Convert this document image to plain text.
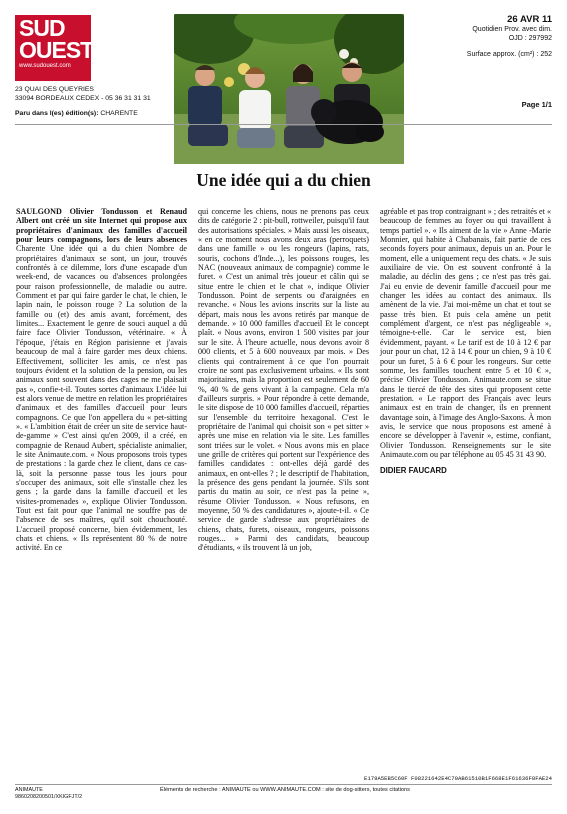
SUD
OUEST
www.sudouest.com
23 QUAI DES QUEYRIES
33094 BORDEAUX CEDEX - 05 36 31 31 31
Paru dans l(es) édition(s): CHARENTE
26 AVR 11
Quotidien Prov. avec dim.
OJD : 297992
Surface approx. (cm²) : 252
Page 1/1
Une idée qui a du chien
SAULGOND Olivier Tondusson et Renaud Albert ont créé un site Internet qui propose aux propriétaires d'animaux des familles d'accueil pour leurs compagnons, lors de leurs absences Charente Une idée qui a du chien Nombre de propriétaires d'animaux se sont, un jour, trouvés confrontés à ce dilemme, lors d'une escapade d'un week-end, de vacances ou d'absences prolongées pour raison professionnelle, de maladie ou autre. Comment et par qui faire garder le chat, le chien, le lapin nain, le poisson rouge ? La solution de la famille ou (et) des amis avant, forcément, des limites... Exactement le genre de souci auquel a dû faire face Olivier Tondusson, vétérinaire. « À l'époque, j'étais en Région parisienne et j'avais beaucoup de mal à faire garder mes deux chiens. Effectivement, solliciter les amis, ce n'est pas toujours évident et la solution de la pension, ou les animaux sont souvent dans des cages ne me plaisait pas », confie-t-il. Toutes sortes d'animaux L'idée lui est alors venue de mettre en relation les propriétaires d'animaux et des familles d'accueil pour leurs compagnons. Ce que l'on appellera du « pet-sitting ». « L'ambition était de créer un site de service haut-de-gamme » C'est ainsi qu'en 2009, il a créé, en compagnie de Renaud Aubert, spécialiste animalier, le site Animaute.com. « Nous proposons trois types de prestations : la garde chez le client, dans ce cas-là, soit la personne passe tous les jours pour s'occuper des animaux, soit elle s'installe chez les gens ; la garde dans la famille d'accueil et les visites-promenades », explique Olivier Tondusson. Tout est fait pour que l'animal ne souffre pas de l'absence de ses maîtres, qu'il soit chouchouté. L'accueil proposé concerne, bien évidemment, les chats et chiens. « Ils représentent 80 % de notre activité. En ce
qui concerne les chiens, nous ne prenons pas ceux dits de catégorie 2 : pit-bull, rottweiler, puisqu'il faut des autorisations spéciales. » Mais aussi les oiseaux, « en ce moment nous avons deux aras (perroquets) dans une famille » ou les rongeurs (lapins, rats, souris, cochons d'Inde...), les poissons rouges, les NAC (nouveaux animaux de compagnie) comme le furet. « C'est un animal très joueur et câlin qui se situe entre le chien et le chat », indique Olivier Tondusson. Point de serpents ou d'araignées en revanche. « Nous les avions inscrits sur la liste au départ, mais nous les avons retirés par manque de demande. » 10 000 familles d'accueil Et le concept plaît. « Nous avons, environ 1 500 visites par jour sur le site. À l'heure actuelle, nous devons avoir 8 000 clients, et 5 à 600 nouveaux par mois. » Des clients qui contrairement à ce que l'on pourrait croire ne sont pas exclusivement urbains. « Ils sont majoritaires, mais la proportion est seulement de 60 %, 40 % de gens vivant à la campagne. Cela m'a d'ailleurs surpris. » Pour répondre à cette demande, le site dispose de 10 000 familles d'accueil, réparties sur l'ensemble du territoire hexagonal. C'est le propriétaire de l'animal qui choisit son « pet sitter » après une mise en relation via le site. Les familles sont triées sur le volet. « Nous avons mis en place une grille de critères qui portent sur l'expérience des familles candidates : ont-elles déjà gardé des animaux, en ont-elles ? ; le descriptif de l'habitation, la présence des gens pendant la journée. S'ils sont partis du matin au soir, ce n'est pas la peine », résume Olivier Tondusson. « Nous refusons, en moyenne, 50 % des candidatures », ajoute-t-il. « Ce service de garde s'adresse aux propriétaires de chiens, chats, furets, oiseaux, rongeurs, poissons rouges... » Parmi des candidats, beaucoup d'étudiants, « ils trouvent là un job,
agréable et pas trop contraignant » ; des retraités et « beaucoup de femmes au foyer ou qui travaillent à temps partiel ». « Ils aiment de la vie » Anne -Marie Monnier, qui habite à Chabanais, fait partie de ces seconds foyers pour animaux, depuis un an. Pour le moment, elle a uniquement reçu des chats. « Je suis auxiliaire de vie. On est souvent confronté à la maladie, au déclin des gens ; ce n'est pas très gai. J'ai eu envie de devenir famille d'accueil pour me changer les idées au contact des animaux. Ils amènent de la vie. J'ai moi-même un chat et tout se passe très bien. Et puis cela amène un petit complément d'argent, ce n'est pas négligeable », témoigne-t-elle. Car le service est, bien évidemment, payant. « Le tarif est de 10 à 12 € par jour pour un chat, 12 à 14 € pour un chien, 9 à 10 € pour un furet, 5 à 6 € pour les rongeurs. Sur cette somme, les familles touchent entre 5 et 10 € », précise Olivier Tondusson. Animaute.com se situe dans le tiercé de tête des sites qui proposent cette prestation. « Le rapport des Français avec leurs animaux est en train de changer, ils en prennent davantage soin, à l'image des Anglo-Saxons. À mon avis, le service que nous proposons est amené à encore se développer à l'avenir », estime, confiant, Olivier Tondusson. Renseignements sur le site Animaute.com ou par téléphone au 05 45 31 43 90.
DIDIER FAUCARD
E179A5EB5C60F F08221642E4C70AB61510B1F668E1F61636F8FAE24
ANIMAUTE
9860208200501/XKIGFJT/2
Éléments de recherche : ANIMAUTE ou WWW.ANIMAUTE.COM : site de dog-sitters, toutes citations
